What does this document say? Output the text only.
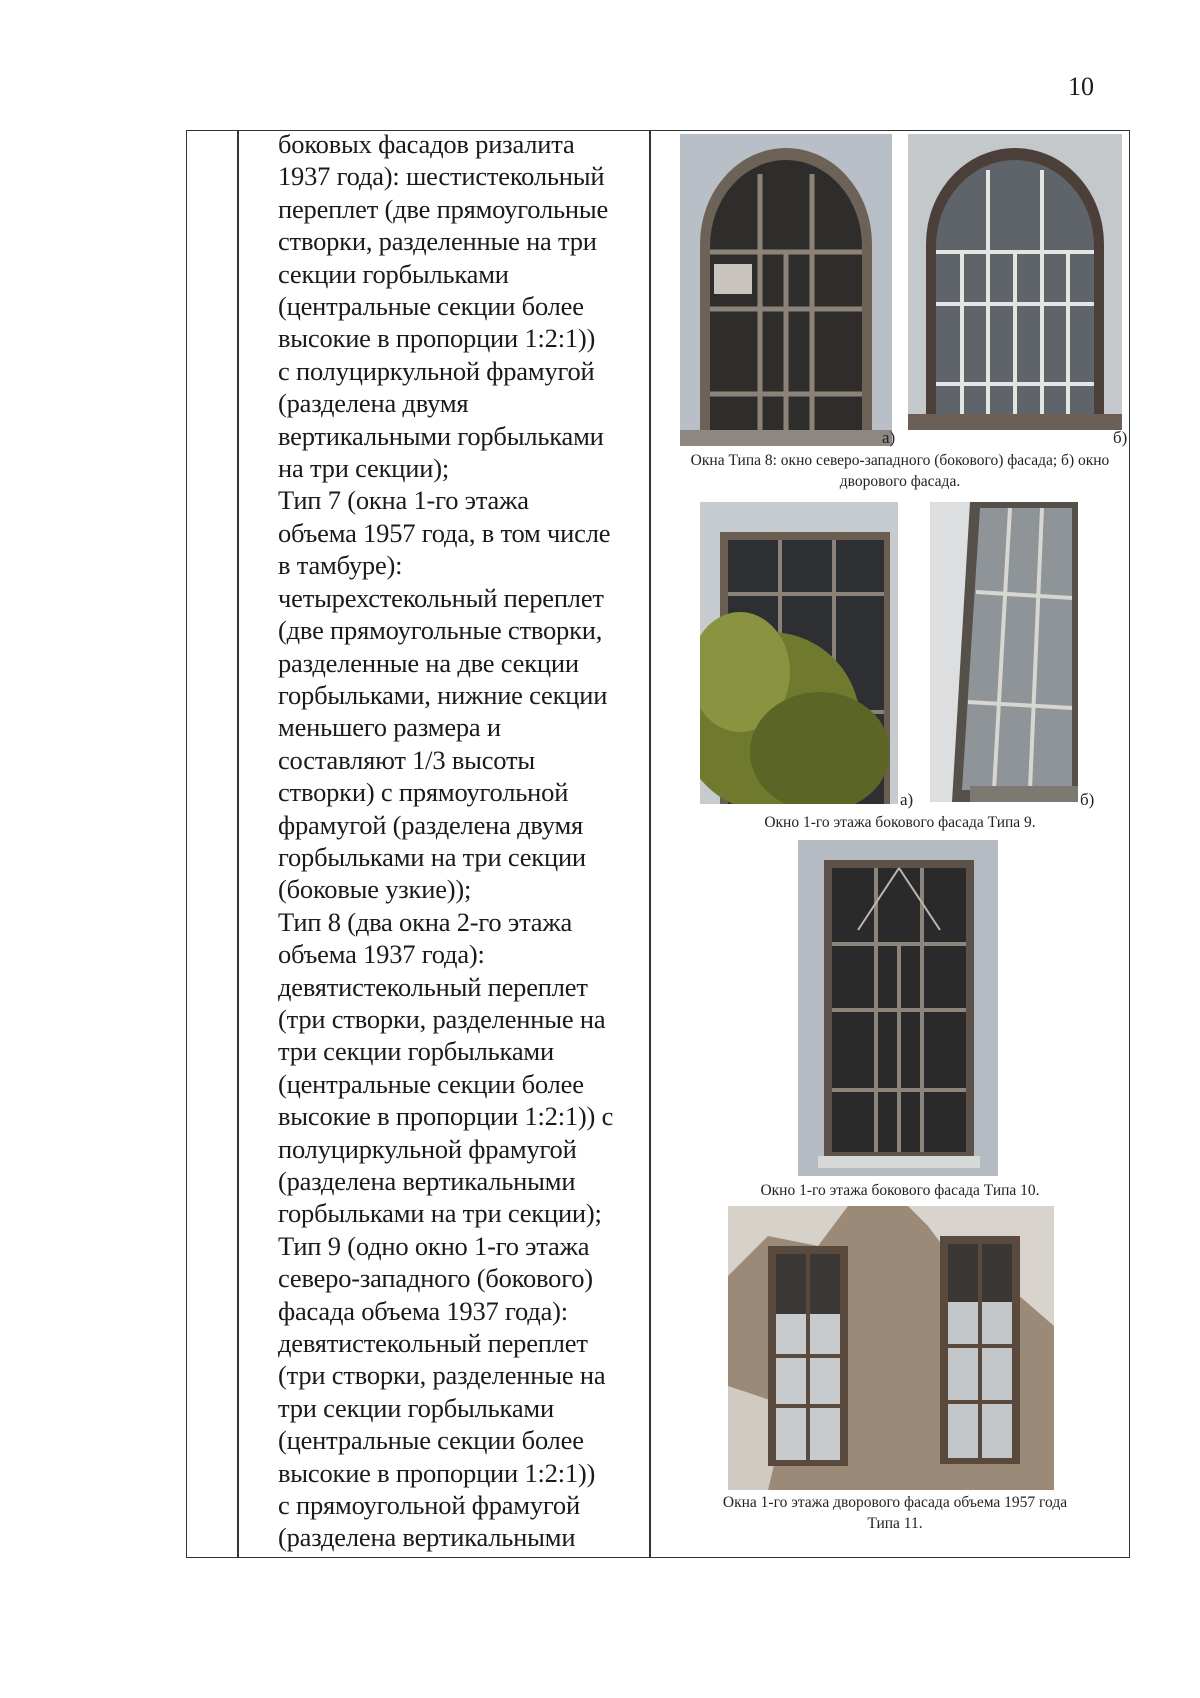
10
боковых фасадов ризалита
1937 года): шестистекольный
переплет (две прямоугольные
створки, разделенные на три
секции горбыльками
(центральные секции более
высокие в пропорции 1:2:1))
с полуциркульной фрамугой
(разделена двумя
вертикальными горбыльками
на три секции);
Тип 7 (окна 1-го этажа
объема 1957 года, в том числе
в тамбуре):
четырехстекольный переплет
(две прямоугольные створки,
разделенные на две секции
горбыльками, нижние секции
меньшего размера и
составляют 1/3 высоты
створки) с прямоугольной
фрамугой (разделена двумя
горбыльками на три секции
(боковые узкие));
Тип 8 (два окна 2-го этажа
объема 1937 года):
девятистекольный переплет
(три створки, разделенные на
три секции горбыльками
(центральные секции более
высокие в пропорции 1:2:1)) с
полуциркульной фрамугой
(разделена вертикальными
горбыльками на три секции);
Тип 9 (одно окно 1-го этажа
северо-западного (бокового)
фасада объема 1937 года):
девятистекольный переплет
(три створки, разделенные на
три секции горбыльками
(центральные секции более
высокие в пропорции 1:2:1))
с прямоугольной фрамугой
(разделена вертикальными
а)	б)
Окна Типа 8: окно северо-западного (бокового) фасада; б) окно дворового фасада.
а)	б)
Окно 1-го этажа бокового фасада Типа 9.
Окно 1-го этажа бокового фасада Типа 10.
Окна 1-го этажа дворового фасада объема 1957 года
Типа 11.
